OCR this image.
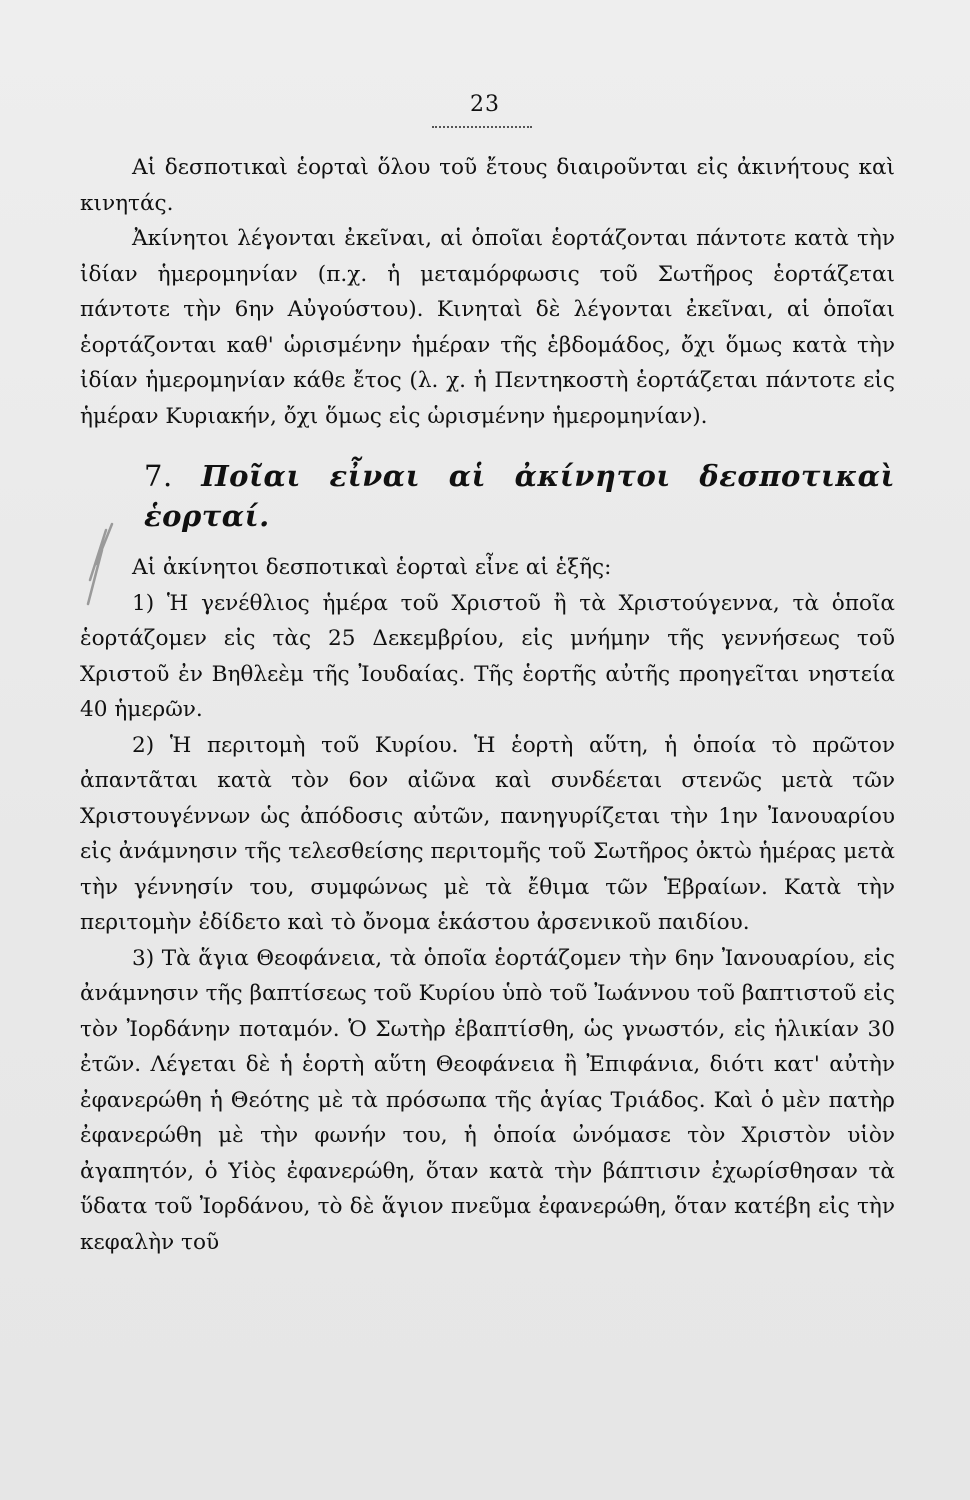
23

Αἱ δεσποτικαὶ ἑορταὶ ὅλου τοῦ ἔτους διαιροῦνται εἰς ἀκινήτους καὶ κινητάς.

Ἀκίνητοι λέγονται ἐκεῖναι, αἱ ὁποῖαι ἑορτάζονται πάντοτε κατὰ τὴν ἰδίαν ἡμερομηνίαν (π.χ. ἡ μεταμόρφωσις τοῦ Σωτῆρος ἑορτάζεται πάντοτε τὴν 6ην Αὐγούστου). Κινηταὶ δὲ λέγονται ἐκεῖναι, αἱ ὁποῖαι ἑορτάζονται καθ' ὡρισμένην ἡμέραν τῆς ἑβδομάδος, ὄχι ὅμως κατὰ τὴν ἰδίαν ἡμερομηνίαν κάθε ἔτος (λ. χ. ἡ Πεντηκοστὴ ἑορτάζεται πάντοτε εἰς ἡμέραν Κυριακήν, ὄχι ὅμως εἰς ὡρισμένην ἡμερομηνίαν).

7. Ποῖαι εἶναι αἱ ἀκίνητοι δεσποτικαὶ ἑορταί.

Αἱ ἀκίνητοι δεσποτικαὶ ἑορταὶ εἶνε αἱ ἑξῆς:

1) Ἡ γενέθλιος ἡμέρα τοῦ Χριστοῦ ἢ τὰ Χριστούγεννα, τὰ ὁποῖα ἑορτάζομεν εἰς τὰς 25 Δεκεμβρίου, εἰς μνήμην τῆς γεννήσεως τοῦ Χριστοῦ ἐν Βηθλεὲμ τῆς Ἰουδαίας. Τῆς ἑορτῆς αὐτῆς προηγεῖται νηστεία 40 ἡμερῶν.

2) Ἡ περιτομὴ τοῦ Κυρίου. Ἡ ἑορτὴ αὕτη, ἡ ὁποία τὸ πρῶτον ἀπαντᾶται κατὰ τὸν 6ον αἰῶνα καὶ συνδέεται στενῶς μετὰ τῶν Χριστουγέννων ὡς ἀπόδοσις αὐτῶν, πανηγυρίζεται τὴν 1ην Ἰανουαρίου εἰς ἀνάμνησιν τῆς τελεσθείσης περιτομῆς τοῦ Σωτῆρος ὀκτὼ ἡμέρας μετὰ τὴν γέννησίν του, συμφώνως μὲ τὰ ἔθιμα τῶν Ἑβραίων. Κατὰ τὴν περιτομὴν ἐδίδετο καὶ τὸ ὄνομα ἑκάστου ἀρσενικοῦ παιδίου.

3) Τὰ ἅγια Θεοφάνεια, τὰ ὁποῖα ἑορτάζομεν τὴν 6ην Ἰανουαρίου, εἰς ἀνάμνησιν τῆς βαπτίσεως τοῦ Κυρίου ὑπὸ τοῦ Ἰωάννου τοῦ βαπτιστοῦ εἰς τὸν Ἰορδάνην ποταμόν. Ὁ Σωτὴρ ἐβαπτίσθη, ὡς γνωστόν, εἰς ἡλικίαν 30 ἐτῶν. Λέγεται δὲ ἡ ἑορτὴ αὕτη Θεοφάνεια ἢ Ἐπιφάνια, διότι κατ' αὐτὴν ἐφανερώθη ἡ Θεότης μὲ τὰ πρόσωπα τῆς ἁγίας Τριάδος. Καὶ ὁ μὲν πατὴρ ἐφανερώθη μὲ τὴν φωνήν του, ἡ ὁποία ὠνόμασε τὸν Χριστὸν υἱὸν ἀγαπητόν, ὁ Υἱὸς ἐφανερώθη, ὅταν κατὰ τὴν βάπτισιν ἐχωρίσθησαν τὰ ὕδατα τοῦ Ἰορδάνου, τὸ δὲ ἅγιον πνεῦμα ἐφανερώθη, ὅταν κατέβη εἰς τὴν κεφαλὴν τοῦ
